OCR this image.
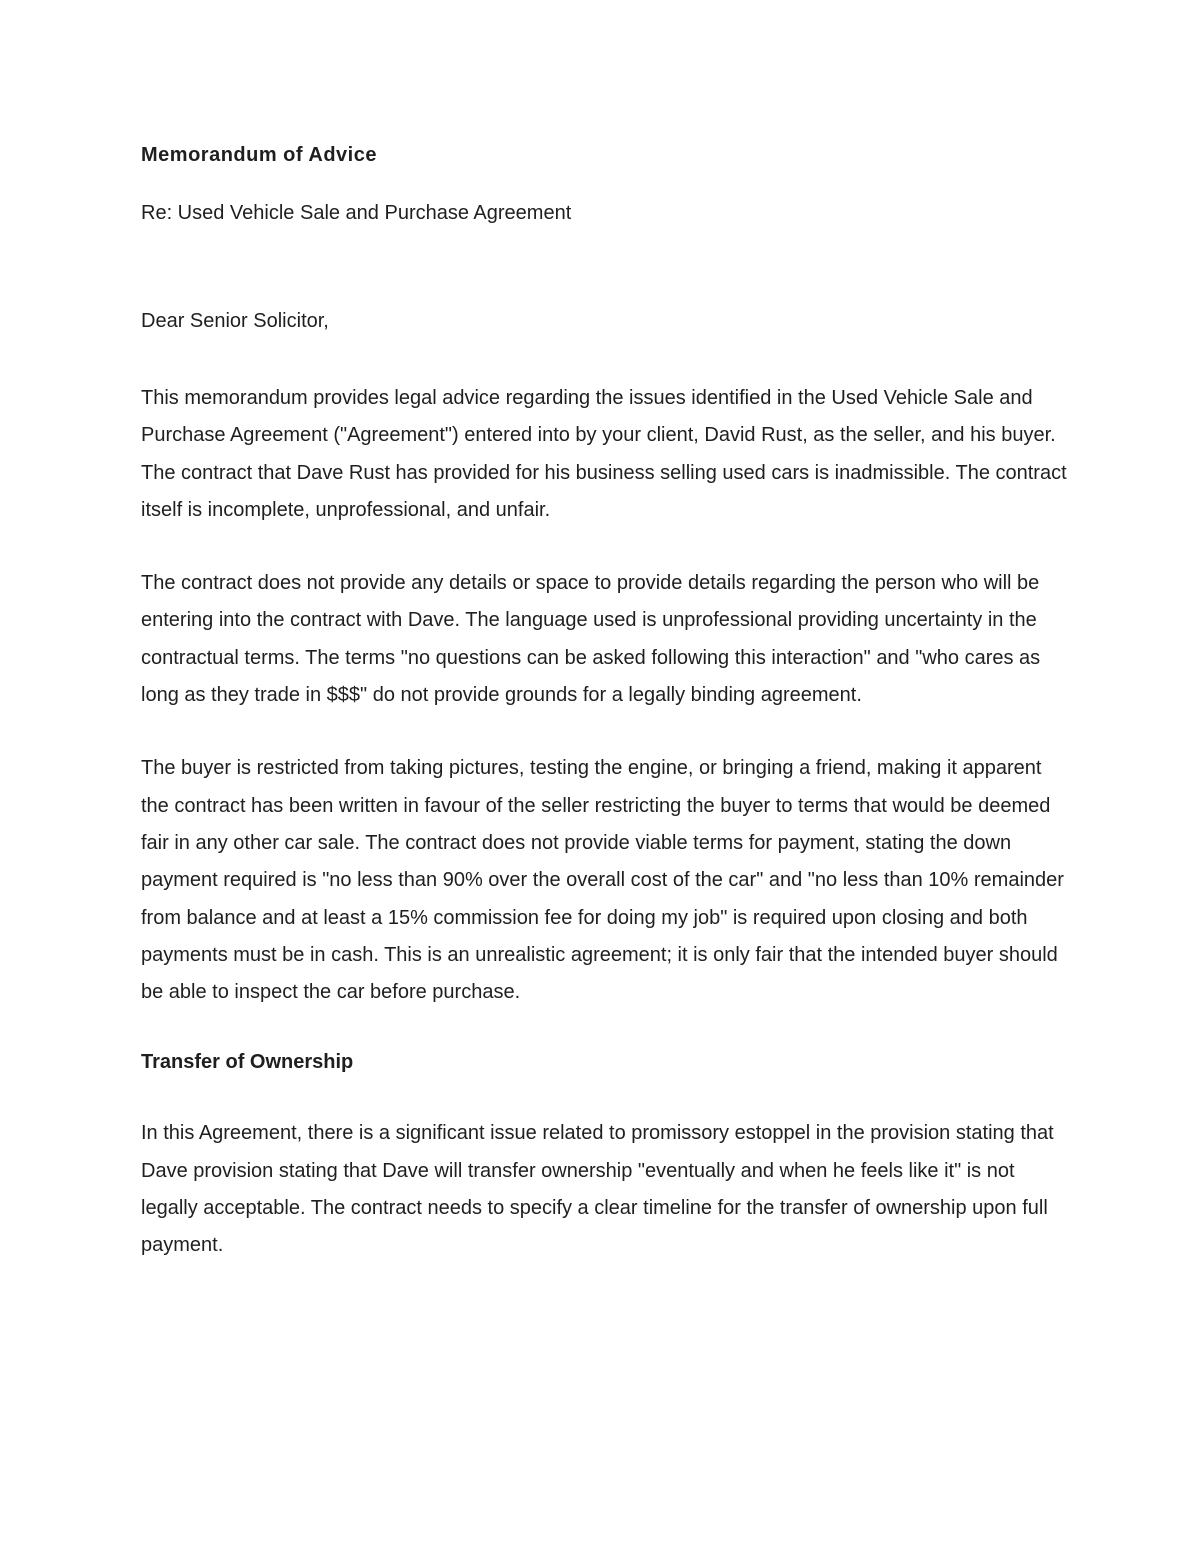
Memorandum of Advice
Re: Used Vehicle Sale and Purchase Agreement
Dear Senior Solicitor,

This memorandum provides legal advice regarding the issues identified in the Used Vehicle Sale and Purchase Agreement ("Agreement") entered into by your client, David Rust, as the seller, and his buyer. The contract that Dave Rust has provided for his business selling used cars is inadmissible. The contract itself is incomplete, unprofessional, and unfair.

The contract does not provide any details or space to provide details regarding the person who will be entering into the contract with Dave. The language used is unprofessional providing uncertainty in the contractual terms. The terms "no questions can be asked following this interaction" and "who cares as long as they trade in $$$" do not provide grounds for a legally binding agreement.

The buyer is restricted from taking pictures, testing the engine, or bringing a friend, making it apparent the contract has been written in favour of the seller restricting the buyer to terms that would be deemed fair in any other car sale. The contract does not provide viable terms for payment, stating the down payment required is "no less than 90% over the overall cost of the car" and "no less than 10% remainder from balance and at least a 15% commission fee for doing my job" is required upon closing and both payments must be in cash. This is an unrealistic agreement; it is only fair that the intended buyer should be able to inspect the car before purchase.

Transfer of Ownership

In this Agreement, there is a significant issue related to promissory estoppel in the provision stating that Dave provision stating that Dave will transfer ownership "eventually and when he feels like it" is not legally acceptable. The contract needs to specify a clear timeline for the transfer of ownership upon full payment.
